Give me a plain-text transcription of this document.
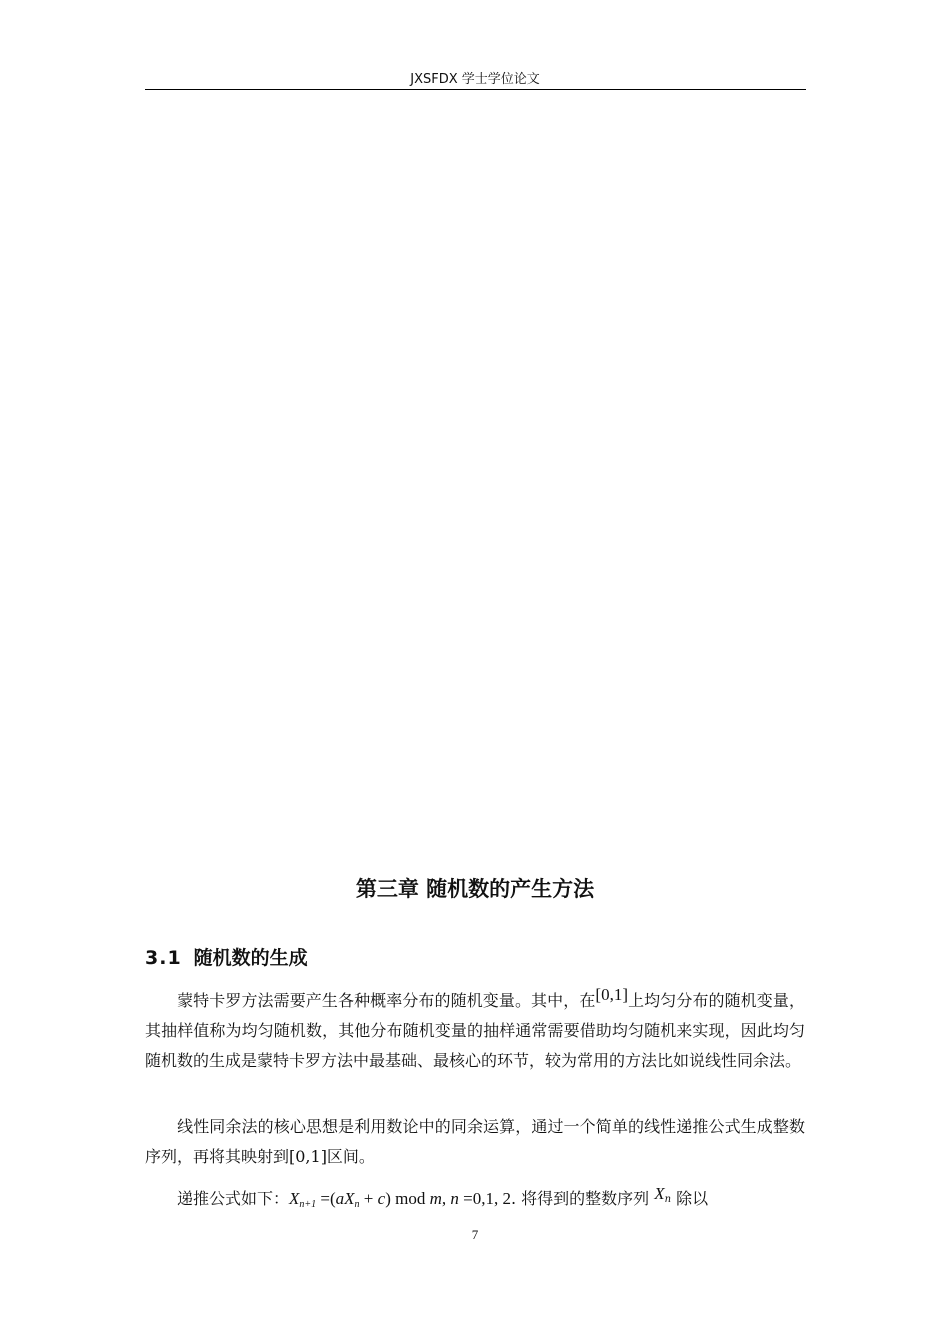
JXSFDX 学士学位论文
第三章 随机数的产生方法
3.1 随机数的生成
蒙特卡罗方法需要产生各种概率分布的随机变量。其中，在[0,1]上均匀分布的随机变量，其抽样值称为均匀随机数，其他分布随机变量的抽样通常需要借助均匀随机来实现，因此均匀随机数的生成是蒙特卡罗方法中最基础、最核心的环节，较为常用的方法比如说线性同余法。
线性同余法的核心思想是利用数论中的同余运算，通过一个简单的线性递推公式生成整数序列，再将其映射到[0,1]区间。
递推公式如下：$X_{n+1} =(aX_n + c)$ mod m, n =0,1, 2. 将得到的整数序列 $X_n$ 除以
7
